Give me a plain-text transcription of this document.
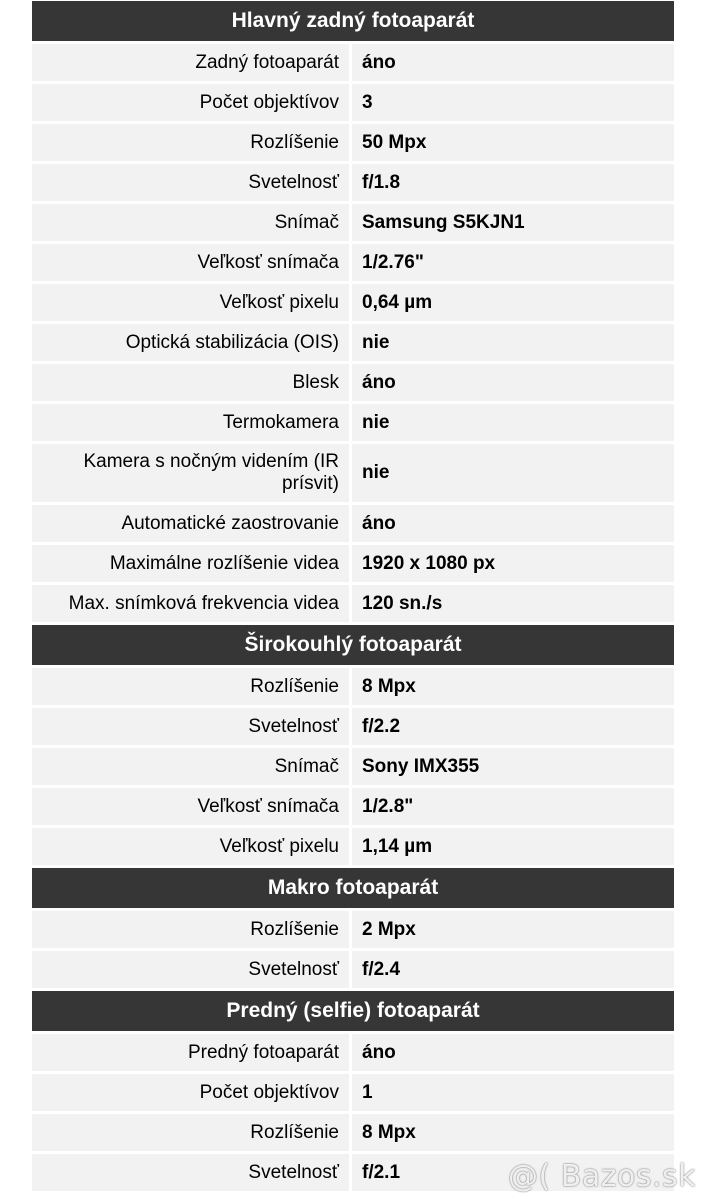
Hlavný zadný fotoaparát	
Zadný fotoaparát	áno
Počet objektívov	3
Rozlíšenie	50 Mpx
Svetelnosť	f/1.8
Snímač	Samsung S5KJN1
Veľkosť snímača	1/2.76"
Veľkosť pixelu	0,64 µm
Optická stabilizácia (OIS)	nie
Blesk	áno
Termokamera	nie
Kamera s nočným videním (IR prísvit)	nie
Automatické zaostrovanie	áno
Maximálne rozlíšenie videa	1920 x 1080 px
Max. snímková frekvencia videa	120 sn./s
Širokouhlý fotoaparát	
Rozlíšenie	8 Mpx
Svetelnosť	f/2.2
Snímač	Sony IMX355
Veľkosť snímača	1/2.8"
Veľkosť pixelu	1,14 µm
Makro fotoaparát	
Rozlíšenie	2 Mpx
Svetelnosť	f/2.4
Predný (selfie) fotoaparát	
Predný fotoaparát	áno
Počet objektívov	1
Rozlíšenie	8 Mpx
Svetelnosť	f/2.1	@( Bazos.sk
